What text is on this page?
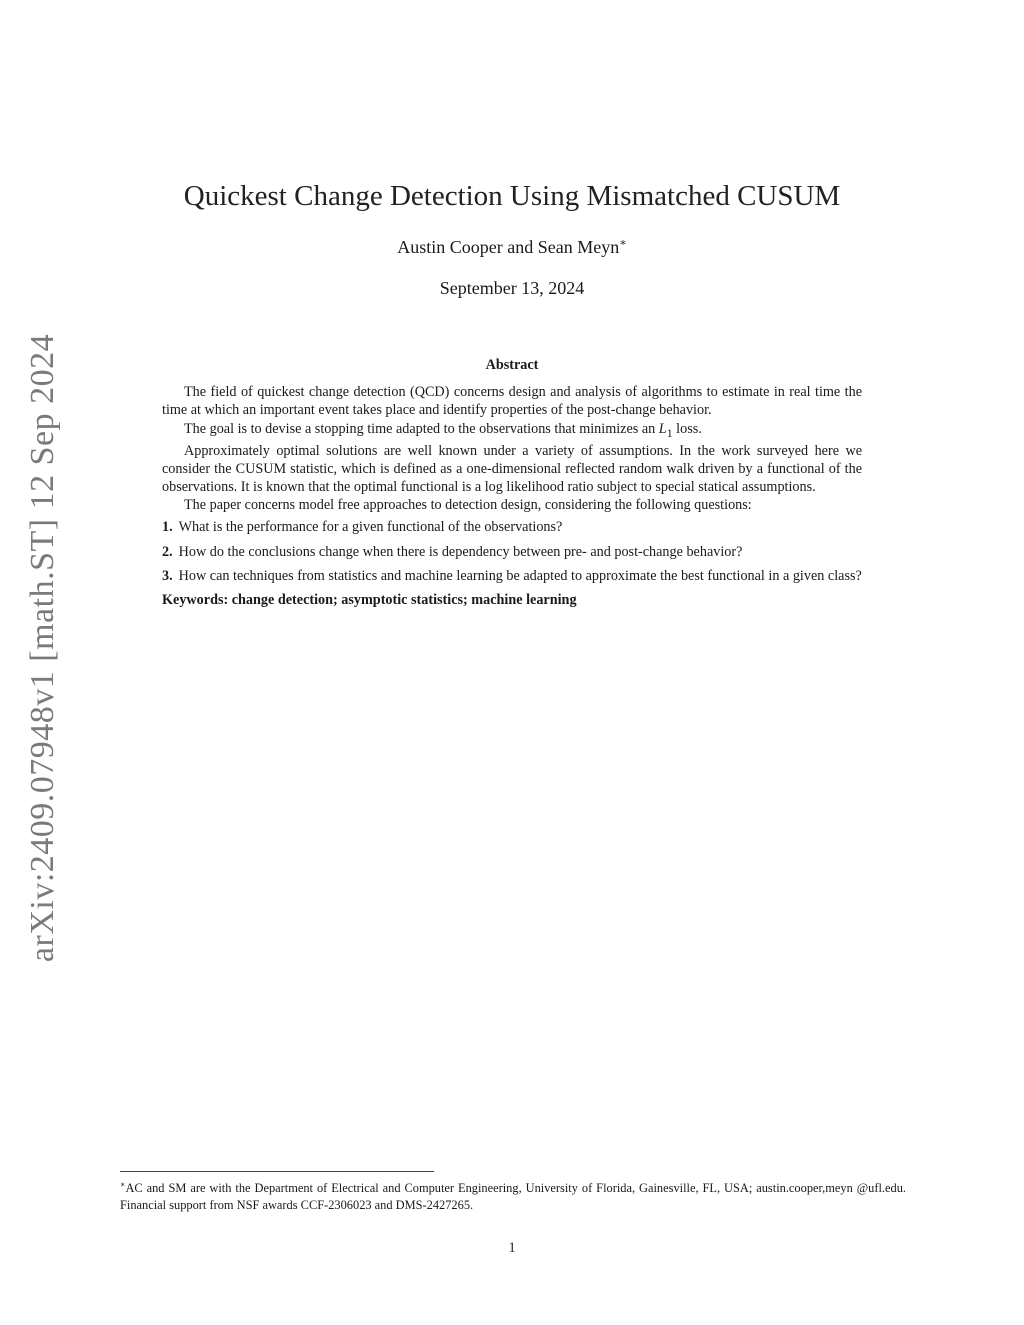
arXiv:2409.07948v1 [math.ST] 12 Sep 2024
Quickest Change Detection Using Mismatched CUSUM
Austin Cooper and Sean Meyn∗
September 13, 2024
Abstract

The field of quickest change detection (QCD) concerns design and analysis of algorithms to estimate in real time the time at which an important event takes place and identify properties of the post-change behavior.

The goal is to devise a stopping time adapted to the observations that minimizes an $L_1$ loss.

Approximately optimal solutions are well known under a variety of assumptions. In the work surveyed here we consider the CUSUM statistic, which is defined as a one-dimensional reflected random walk driven by a functional of the observations. It is known that the optimal functional is a log likelihood ratio subject to special statical assumptions.

The paper concerns model free approaches to detection design, considering the following questions:

1. What is the performance for a given functional of the observations?
2. How do the conclusions change when there is dependency between pre- and post-change behavior?
3. How can techniques from statistics and machine learning be adapted to approximate the best functional in a given class?
Keywords: change detection; asymptotic statistics; machine learning
∗AC and SM are with the Department of Electrical and Computer Engineering, University of Florida, Gainesville, FL, USA; austin.cooper,meyn @ufl.edu. Financial support from NSF awards CCF-2306023 and DMS-2427265.
1
